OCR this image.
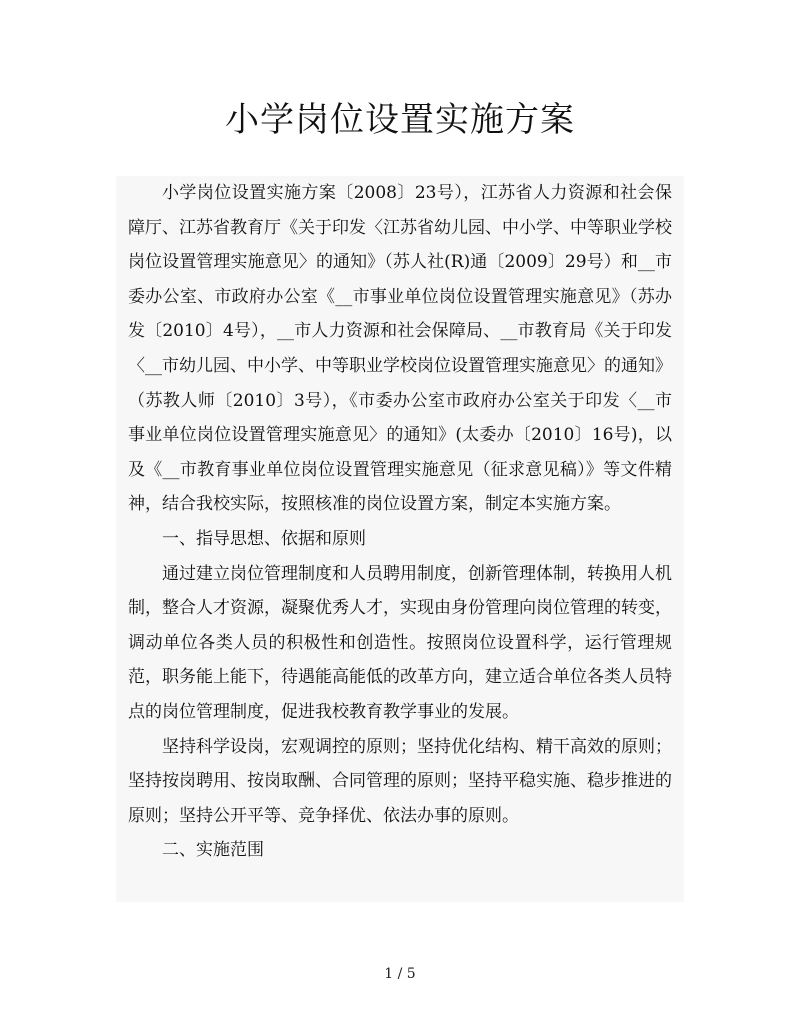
小学岗位设置实施方案

小学岗位设置实施方案〔2008〕23号），江苏省人力资源和社会保障厅、江苏省教育厅《关于印发〈江苏省幼儿园、中小学、中等职业学校岗位设置管理实施意见〉的通知》（苏人社(R)通〔2009〕29号）和__市委办公室、市政府办公室《__市事业单位岗位设置管理实施意见》（苏办发〔2010〕4号），__市人力资源和社会保障局、__市教育局《关于印发〈__市幼儿园、中小学、中等职业学校岗位设置管理实施意见〉的通知》（苏教人师〔2010〕3号），《市委办公室市政府办公室关于印发〈__市事业单位岗位设置管理实施意见〉的通知》(太委办〔2010〕16号)，以及《__市教育事业单位岗位设置管理实施意见（征求意见稿）》等文件精神，结合我校实际，按照核准的岗位设置方案，制定本实施方案。

一、指导思想、依据和原则

通过建立岗位管理制度和人员聘用制度，创新管理体制，转换用人机制，整合人才资源，凝聚优秀人才，实现由身份管理向岗位管理的转变，调动单位各类人员的积极性和创造性。按照岗位设置科学，运行管理规范，职务能上能下，待遇能高能低的改革方向，建立适合单位各类人员特点的岗位管理制度，促进我校教育教学事业的发展。

坚持科学设岗，宏观调控的原则；坚持优化结构、精干高效的原则；坚持按岗聘用、按岗取酬、合同管理的原则；坚持平稳实施、稳步推进的原则；坚持公开平等、竞争择优、依法办事的原则。

二、实施范围

1 / 5
